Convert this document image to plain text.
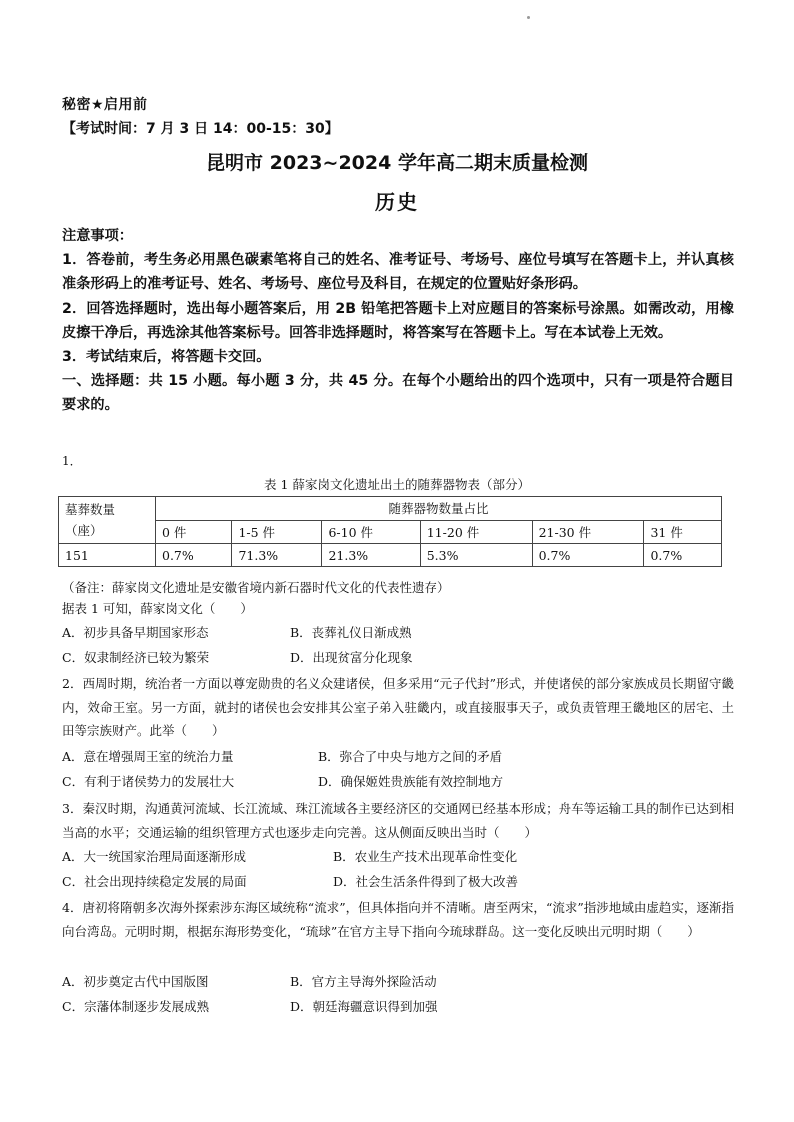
秘密★启用前
【考试时间：7 月 3 日 14：00-15：30】
昆明市 2023~2024 学年高二期末质量检测
历史

注意事项：

1．答卷前，考生务必用黑色碳素笔将自己的姓名、准考证号、考场号、座位号填写在答题卡上，并认真核准条形码上的准考证号、姓名、考场号、座位号及科目，在规定的位置贴好条形码。

2．回答选择题时，选出每小题答案后，用 2B 铅笔把答题卡上对应题目的答案标号涂黑。如需改动，用橡皮擦干净后，再选涂其他答案标号。回答非选择题时，将答案写在答题卡上。写在本试卷上无效。

3．考试结束后，将答题卡交回。

一、选择题：共 15 小题。每小题 3 分，共 45 分。在每个小题给出的四个选项中，只有一项是符合题目要求的。

1．
表 1 薛家岗文化遗址出土的随葬器物表（部分）
墓葬数量
（座）	随葬器物数量占比					
	0 件	1-5 件	6-10 件	11-20 件	21-30 件	31 件
151	0.7%	71.3%	21.3%	5.3%	0.7%	0.7%
（备注：薛家岗文化遗址是安徽省境内新石器时代文化的代表性遗存）
据表 1 可知，薛家岗文化（　　）
A．初步具备早期国家形态	B．丧葬礼仪日渐成熟
C．奴隶制经济已较为繁荣	D．出现贫富分化现象
2．西周时期，统治者一方面以尊宠勋贵的名义众建诸侯，但多采用“元子代封”形式，并使诸侯的部分家族成员长期留守畿内，效命王室。另一方面，就封的诸侯也会安排其公室子弟入驻畿内，或直接服事天子，或负责管理王畿地区的居宅、土田等宗族财产。此举（　　）
A．意在增强周王室的统治力量	B．弥合了中央与地方之间的矛盾
C．有利于诸侯势力的发展壮大	D．确保姬姓贵族能有效控制地方
3．秦汉时期，沟通黄河流域、长江流域、珠江流域各主要经济区的交通网已经基本形成；舟车等运输工具的制作已达到相当高的水平；交通运输的组织管理方式也逐步走向完善。这从侧面反映出当时（　　）
A．大一统国家治理局面逐渐形成	B．农业生产技术出现革命性变化
C．社会出现持续稳定发展的局面	D．社会生活条件得到了极大改善
4．唐初将隋朝多次海外探索涉东海区域统称“流求”，但具体指向并不清晰。唐至两宋，“流求”指涉地域由虚趋实，逐渐指向台湾岛。元明时期，根据东海形势变化，“琉球”在官方主导下指向今琉球群岛。这一变化反映出元明时期（　　）
A．初步奠定古代中国版图	B．官方主导海外探险活动
C．宗藩体制逐步发展成熟	D．朝廷海疆意识得到加强
